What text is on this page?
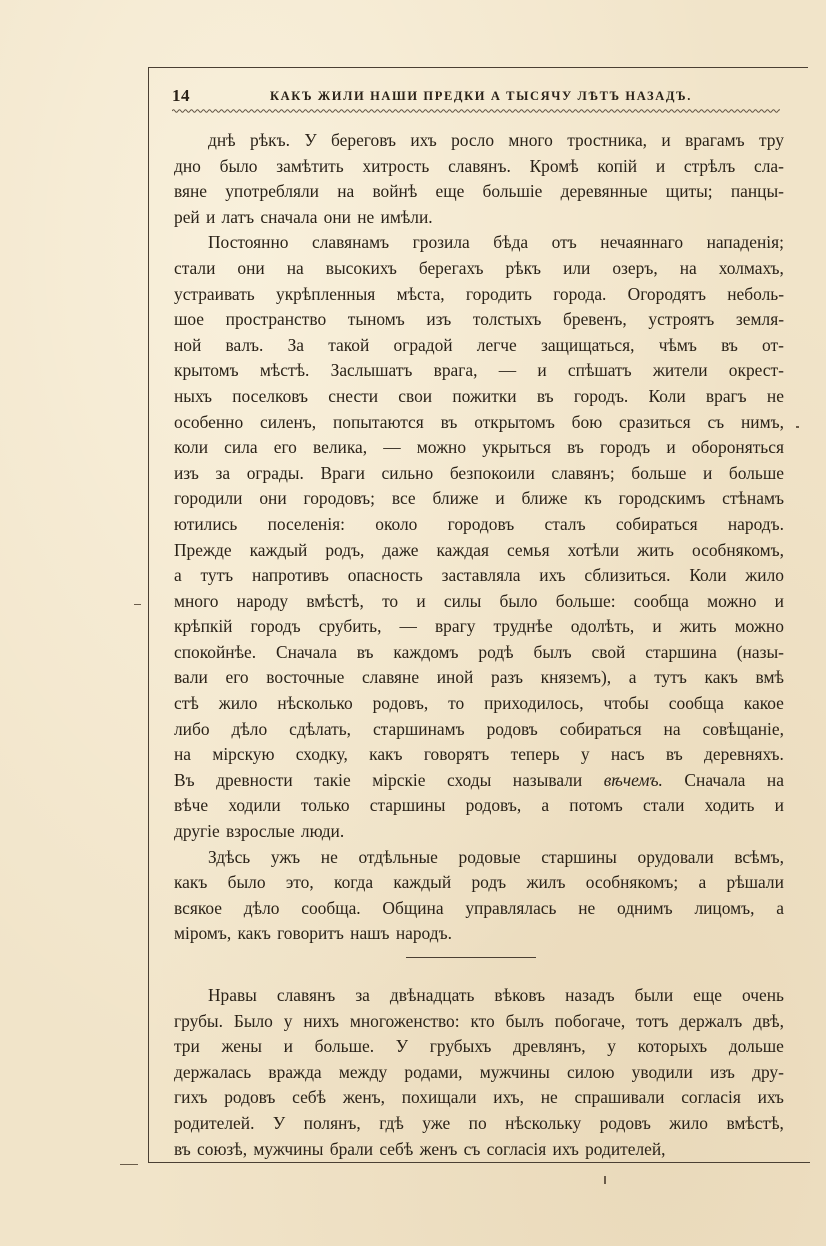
14	КАКЪ ЖИЛИ НАШИ ПРЕДКИ А ТЫСЯЧУ ЛѢТЪ НАЗАДЪ.
днѣ рѣкъ. У береговъ ихъ росло много тростника, и врагамъ тру
дно было замѣтить хитрость славянъ. Кромѣ копій и стрѣлъ сла-
вяне употребляли на войнѣ еще большіе деревянные щиты; панцы-
рей и латъ сначала они не имѣли.
Постоянно славянамъ грозила бѣда отъ нечаяннаго нападенія;
стали они на высокихъ берегахъ рѣкъ или озеръ, на холмахъ,
устраивать укрѣпленныя мѣста, городить города. Огородятъ неболь-
шое пространство тыномъ изъ толстыхъ бревенъ, устроятъ земля-
ной валъ. За такой оградой легче защищаться, чѣмъ въ от-
крытомъ мѣстѣ. Заслышатъ врага, — и спѣшатъ жители окрест-
ныхъ поселковъ снести свои пожитки въ городъ. Коли врагъ не
особенно силенъ, попытаются въ открытомъ бою сразиться съ нимъ,
коли сила его велика, — можно укрыться въ городъ и обороняться
изъ за ограды. Враги сильно безпокоили славянъ; больше и больше
городили они городовъ; все ближе и ближе къ городскимъ стѣнамъ
ютились поселенія: около городовъ сталъ собираться народъ.
Прежде каждый родъ, даже каждая семья хотѣли жить особнякомъ,
а тутъ напротивъ опасность заставляла ихъ сблизиться. Коли жило
много народу вмѣстѣ, то и силы было больше: сообща можно и
крѣпкій городъ срубить, — врагу труднѣе одолѣть, и жить можно
спокойнѣе. Сначала въ каждомъ родѣ былъ свой старшина (назы-
вали его восточные славяне иной разъ княземъ), а тутъ какъ вмѣ
стѣ жило нѣсколько родовъ, то приходилось, чтобы сообща какое
либо дѣло сдѣлать, старшинамъ родовъ собираться на совѣщаніе,
на мірскую сходку, какъ говорятъ теперь у насъ въ деревняхъ.
Въ древности такіе мірскіе сходы называли вѣчемъ. Сначала на
вѣче ходили только старшины родовъ, а потомъ стали ходить и
другіе взрослые люди.
Здѣсь ужъ не отдѣльные родовые старшины орудовали всѣмъ,
какъ было это, когда каждый родъ жилъ особнякомъ; а рѣшали
всякое дѣло сообща. Община управлялась не однимъ лицомъ, а
міромъ, какъ говоритъ нашъ народъ.
Нравы славянъ за двѣнадцать вѣковъ назадъ были еще очень
грубы. Было у нихъ многоженство: кто былъ побогаче, тотъ держалъ двѣ,
три жены и больше. У грубыхъ древлянъ, у которыхъ дольше
держалась вражда между родами, мужчины силою уводили изъ дру-
гихъ родовъ себѣ женъ, похищали ихъ, не спрашивали согласія ихъ
родителей. У полянъ, гдѣ уже по нѣскольку родовъ жило вмѣстѣ,
въ союзѣ, мужчины брали себѣ женъ съ согласія ихъ родителей,
